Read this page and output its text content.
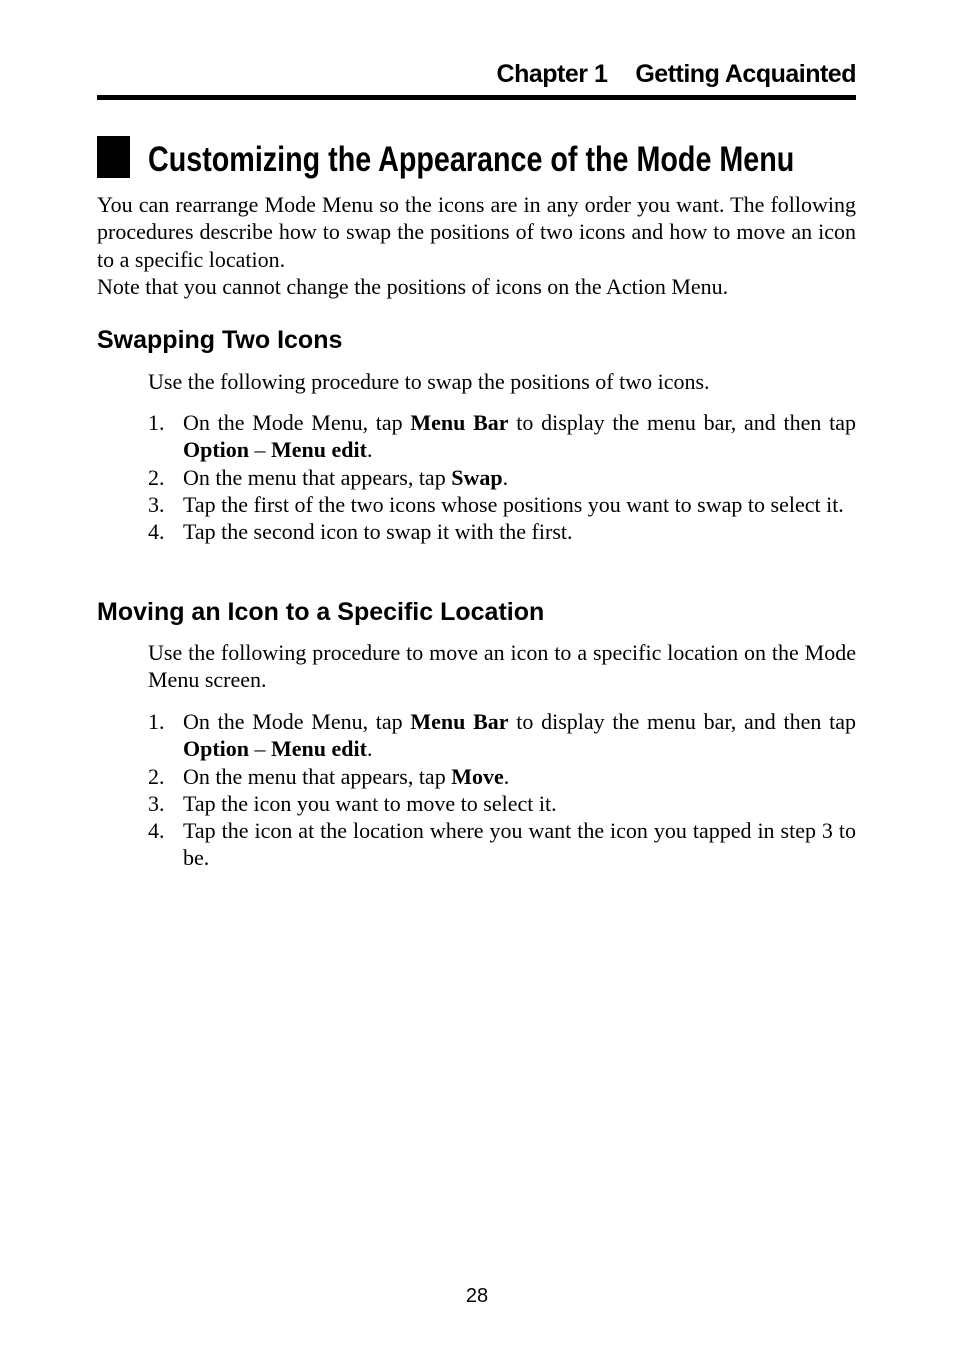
Chapter 1 Getting Acquainted
Customizing the Appearance of the Mode Menu
You can rearrange Mode Menu so the icons are in any order you want. The following procedures describe how to swap the positions of two icons and how to move an icon to a specific location.
Note that you cannot change the positions of icons on the Action Menu.
Swapping Two Icons

Use the following procedure to swap the positions of two icons.

1. On the Mode Menu, tap Menu Bar to display the menu bar, and then tap Option – Menu edit.
2. On the menu that appears, tap Swap.
3. Tap the first of the two icons whose positions you want to swap to select it.
4. Tap the second icon to swap it with the first.
Moving an Icon to a Specific Location

Use the following procedure to move an icon to a specific location on the Mode Menu screen.

1. On the Mode Menu, tap Menu Bar to display the menu bar, and then tap Option – Menu edit.
2. On the menu that appears, tap Move.
3. Tap the icon you want to move to select it.
4. Tap the icon at the location where you want the icon you tapped in step 3 to be.
28
